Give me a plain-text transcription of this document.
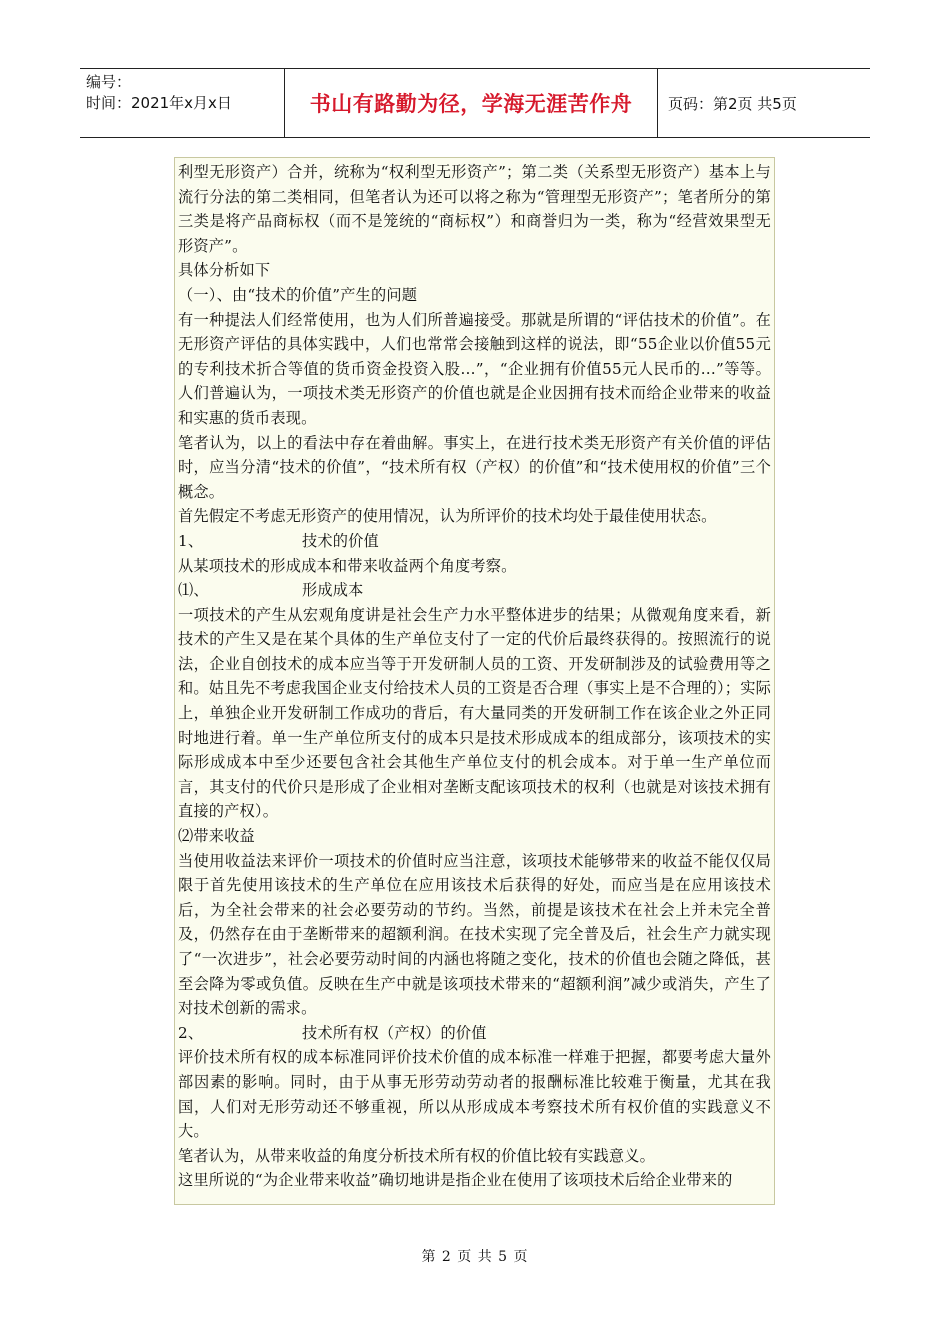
编号：
时间：2021年x月x日	书山有路勤为径，学海无涯苦作舟	页码：第2页 共5页

利型无形资产）合并，统称为“权利型无形资产”；第二类（关系型无形资产）基本上与流行分法的第二类相同，但笔者认为还可以将之称为“管理型无形资产”；笔者所分的第三类是将产品商标权（而不是笼统的“商标权”）和商誉归为一类，称为“经营效果型无形资产”。

具体分析如下

（一）、由“技术的价值”产生的问题

有一种提法人们经常使用，也为人们所普遍接受。那就是所谓的“评估技术的价值”。在无形资产评估的具体实践中，人们也常常会接触到这样的说法，即“55企业以价值55元的专利技术折合等值的货币资金投资入股…”，“企业拥有价值55元人民币的…”等等。人们普遍认为，一项技术类无形资产的价值也就是企业因拥有技术而给企业带来的收益和实惠的货币表现。

笔者认为，以上的看法中存在着曲解。事实上，在进行技术类无形资产有关价值的评估时，应当分清“技术的价值”，“技术所有权（产权）的价值”和“技术使用权的价值”三个概念。

首先假定不考虑无形资产的使用情况，认为所评价的技术均处于最佳使用状态。

1、	技术的价值

从某项技术的形成成本和带来收益两个角度考察。

⑴、	形成成本

一项技术的产生从宏观角度讲是社会生产力水平整体进步的结果；从微观角度来看，新技术的产生又是在某个具体的生产单位支付了一定的代价后最终获得的。按照流行的说法，企业自创技术的成本应当等于开发研制人员的工资、开发研制涉及的试验费用等之和。姑且先不考虑我国企业支付给技术人员的工资是否合理（事实上是不合理的）；实际上，单独企业开发研制工作成功的背后，有大量同类的开发研制工作在该企业之外正同时地进行着。单一生产单位所支付的成本只是技术形成成本的组成部分，该项技术的实际形成成本中至少还要包含社会其他生产单位支付的机会成本。对于单一生产单位而言，其支付的代价只是形成了企业相对垄断支配该项技术的权利（也就是对该技术拥有直接的产权）。

⑵带来收益

当使用收益法来评价一项技术的价值时应当注意，该项技术能够带来的收益不能仅仅局限于首先使用该技术的生产单位在应用该技术后获得的好处，而应当是在应用该技术后，为全社会带来的社会必要劳动的节约。当然，前提是该技术在社会上并未完全普及，仍然存在由于垄断带来的超额利润。在技术实现了完全普及后，社会生产力就实现了“一次进步”，社会必要劳动时间的内涵也将随之变化，技术的价值也会随之降低，甚至会降为零或负值。反映在生产中就是该项技术带来的“超额利润”减少或消失，产生了对技术创新的需求。

2、	技术所有权（产权）的价值

评价技术所有权的成本标准同评价技术价值的成本标准一样难于把握，都要考虑大量外部因素的影响。同时，由于从事无形劳动劳动者的报酬标准比较难于衡量，尤其在我国，人们对无形劳动还不够重视，所以从形成成本考察技术所有权价值的实践意义不大。

笔者认为，从带来收益的角度分析技术所有权的价值比较有实践意义。

这里所说的“为企业带来收益”确切地讲是指企业在使用了该项技术后给企业带来的

第 2 页 共 5 页
